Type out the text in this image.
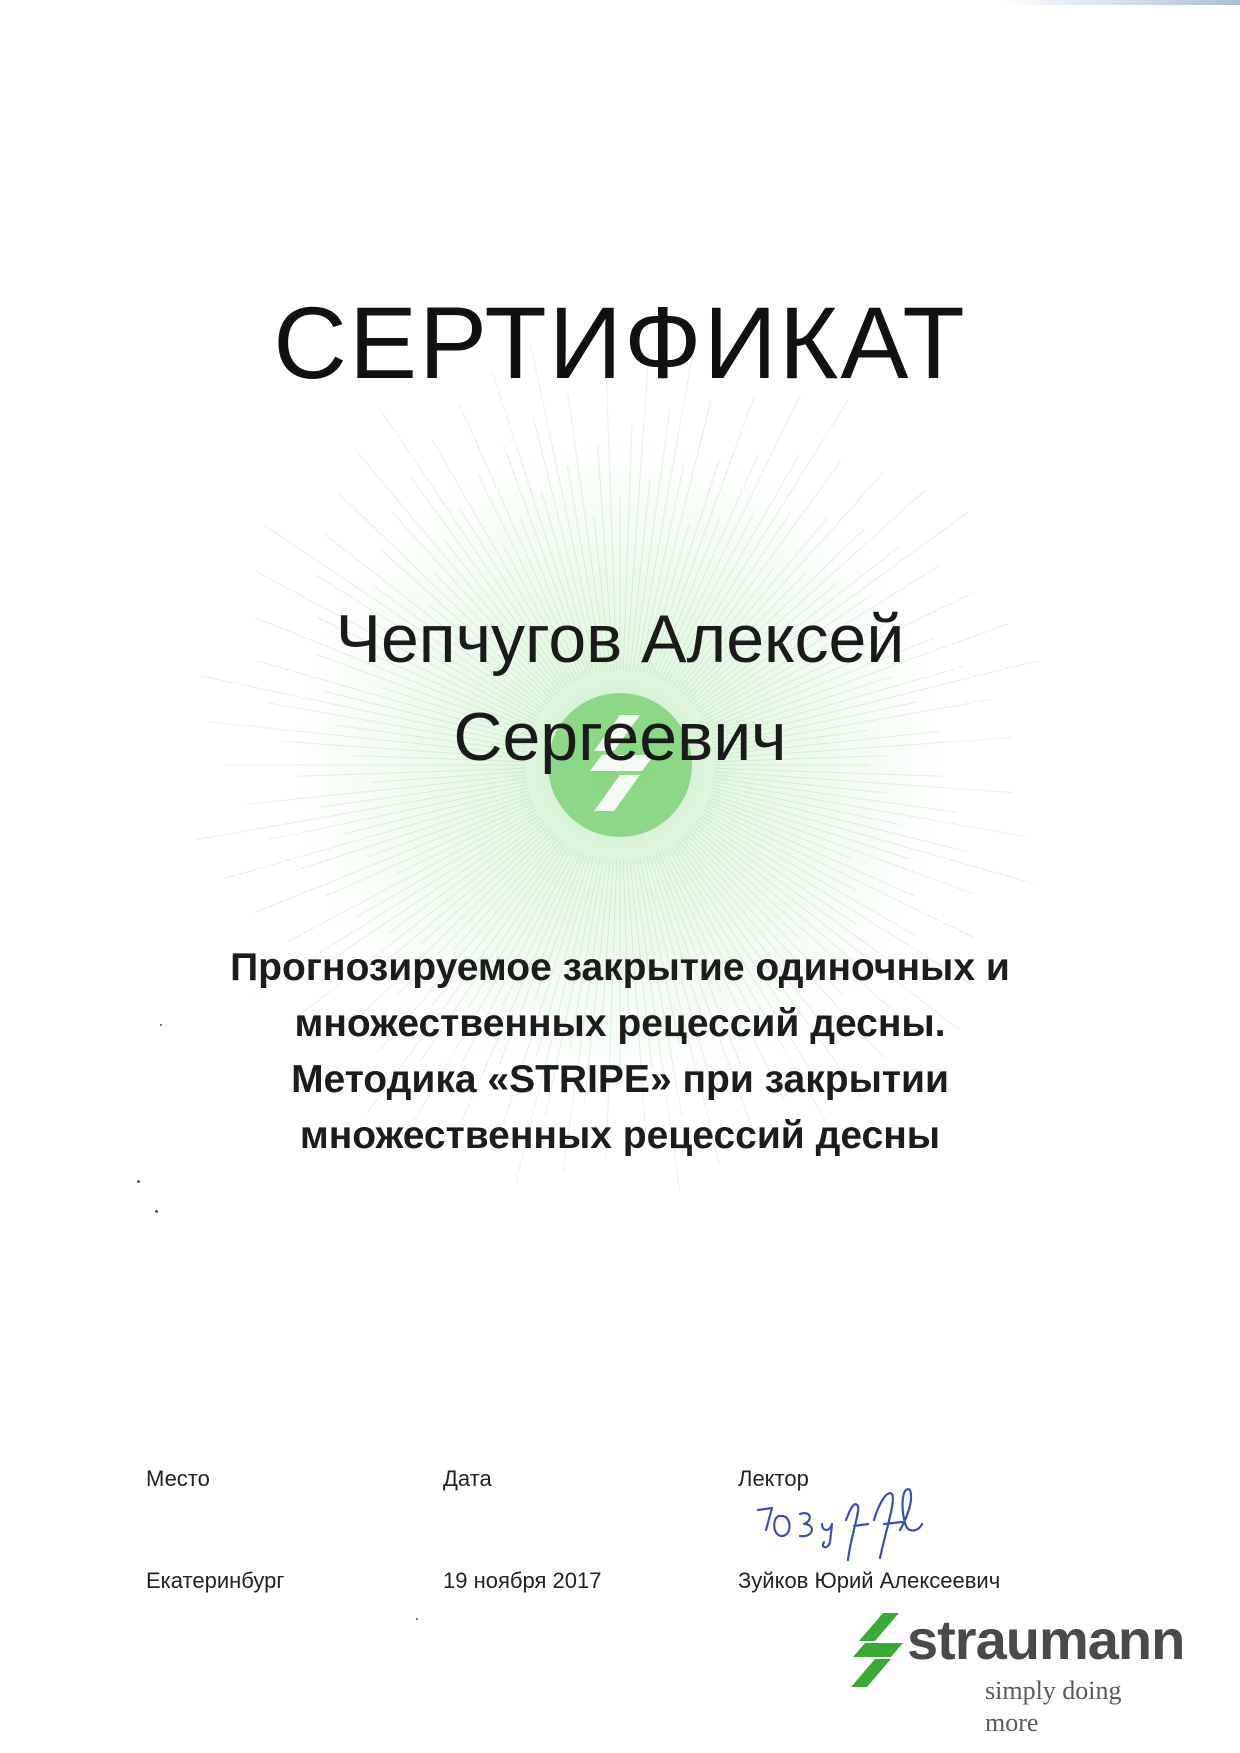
СЕРТИФИКАТ
Чепчугов Алексей
Сергеевич
Прогнозируемое закрытие одиночных и
множественных рецессий десны.
Методика «STRIPE» при закрытии
множественных рецессий десны
Место	Дата	Лектор
Екатеринбург	19 ноября 2017	Зуйков Юрий Алексеевич
straumann
simply doing more
